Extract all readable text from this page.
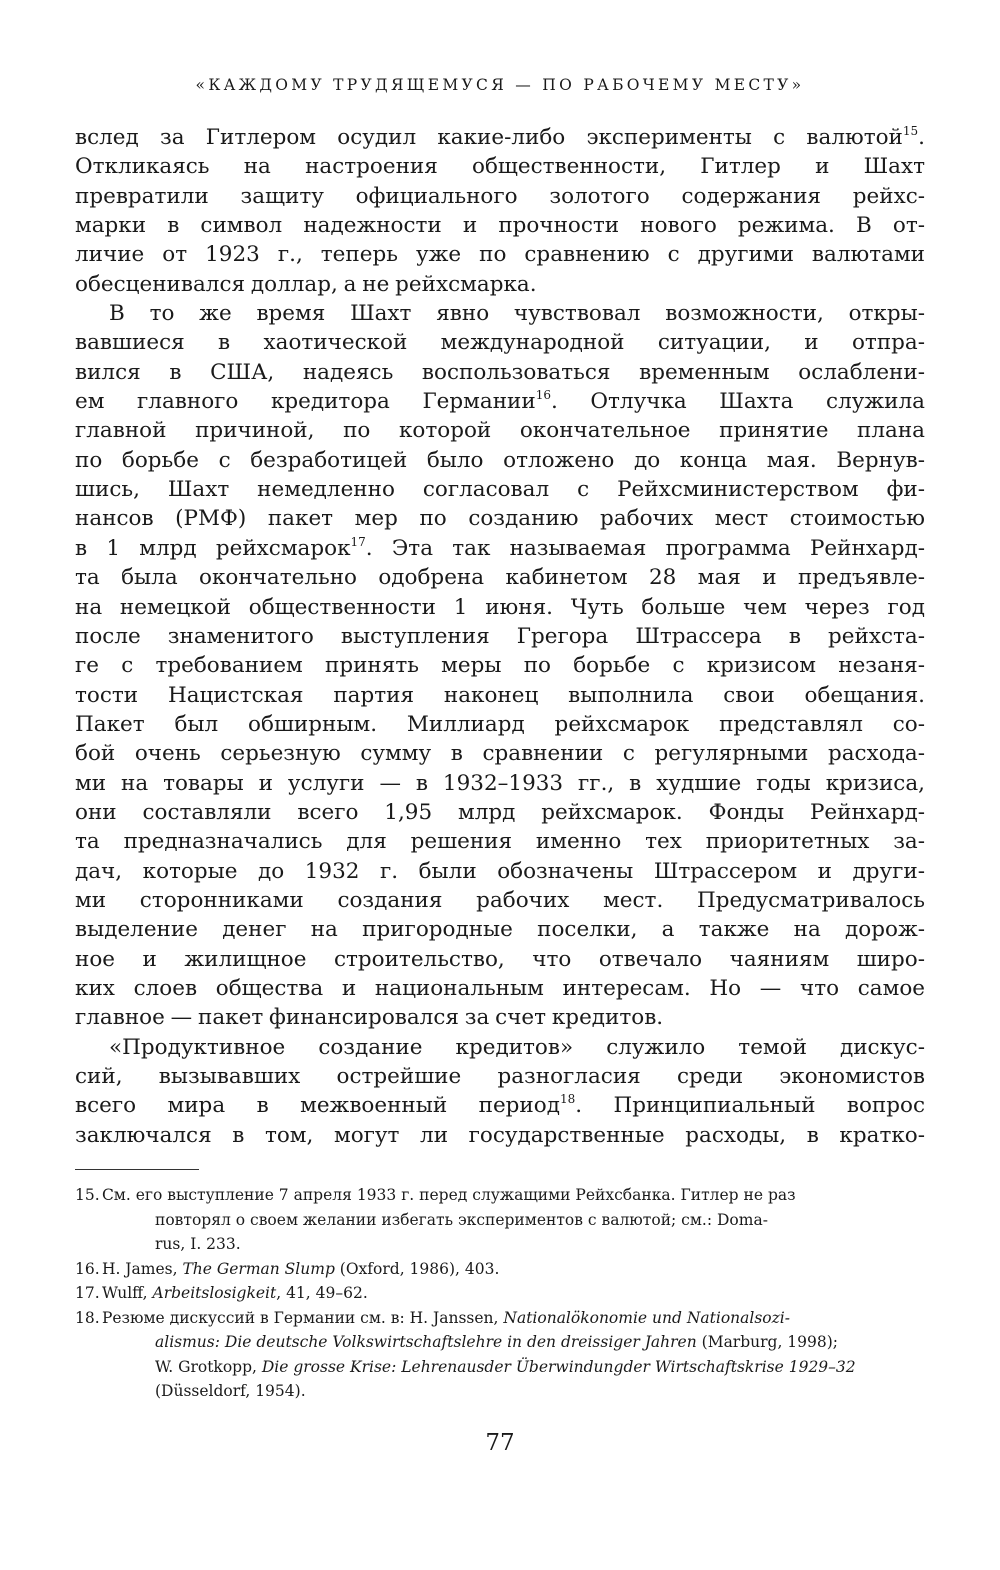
«КАЖДОМУ ТРУДЯЩЕМУСЯ — ПО РАБОЧЕМУ МЕСТУ»
вслед за Гитлером осудил какие-либо эксперименты с валютой$^{15}$.
Откликаясь на настроения общественности, Гитлер и Шахт
превратили защиту официального золотого содержания рейхс-
марки в символ надежности и прочности нового режима. В от-
личие от 1923 г., теперь уже по сравнению с другими валютами
обесценивался доллар, а не рейхсмарка.
В то же время Шахт явно чувствовал возможности, откры-
вавшиеся в хаотической международной ситуации, и отпра-
вился в США, надеясь воспользоваться временным ослаблени-
ем главного кредитора Германии$^{16}$. Отлучка Шахта служила
главной причиной, по которой окончательное принятие плана
по борьбе с безработицей было отложено до конца мая. Вернув-
шись, Шахт немедленно согласовал с Рейхсминистерством фи-
нансов (РМФ) пакет мер по созданию рабочих мест стоимостью
в 1 млрд рейхсмарок$^{17}$. Эта так называемая программа Рейнхард-
та была окончательно одобрена кабинетом 28 мая и предъявле-
на немецкой общественности 1 июня. Чуть больше чем через год
после знаменитого выступления Грегора Штрассера в рейхста-
ге с требованием принять меры по борьбе с кризисом незаня-
тости Нацистская партия наконец выполнила свои обещания.
Пакет был обширным. Миллиард рейхсмарок представлял со-
бой очень серьезную сумму в сравнении с регулярными расхода-
ми на товары и услуги — в 1932–1933 гг., в худшие годы кризиса,
они составляли всего 1,95 млрд рейхсмарок. Фонды Рейнхард-
та предназначались для решения именно тех приоритетных за-
дач, которые до 1932 г. были обозначены Штрассером и други-
ми сторонниками создания рабочих мест. Предусматривалось
выделение денег на пригородные поселки, а также на дорож-
ное и жилищное строительство, что отвечало чаяниям широ-
ких слоев общества и национальным интересам. Но — что самое
главное — пакет финансировался за счет кредитов.
«Продуктивное создание кредитов» служило темой дискус-
сий, вызывавших острейшие разногласия среди экономистов
всего мира в межвоенный период$^{18}$. Принципиальный вопрос
заключался в том, могут ли государственные расходы, в кратко-
15. См. его выступление 7 апреля 1933 г. перед служащими Рейхсбанка. Гитлер не раз
повторял о своем желании избегать экспериментов с валютой; см.: Doma-
rus, I. 233.
16. H. James, The German Slump (Oxford, 1986), 403.
17. Wulff, Arbeitslosigkeit, 41, 49–62.
18. Резюме дискуссий в Германии см. в: H. Janssen, Nationalökonomie und Nationalsozi-
alismus: Die deutsche Volkswirtschaftslehre in den dreissiger Jahren (Marburg, 1998);
W. Grotkopp, Die grosse Krise: Lehrenausder Überwindungder Wirtschaftskrise 1929–32
(Düsseldorf, 1954).
77
